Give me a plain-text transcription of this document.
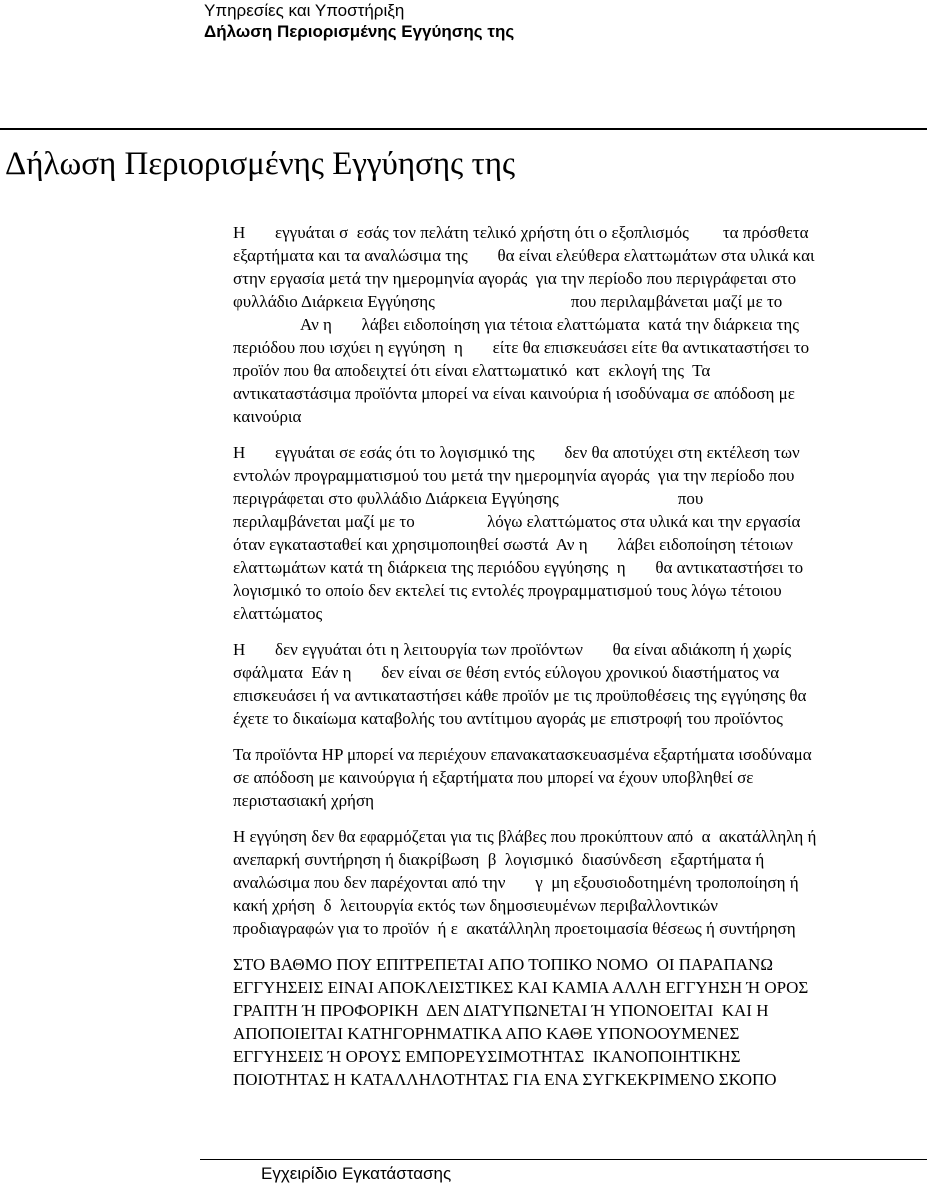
Υπηρεσίες και Υποστήριξη
Δήλωση Περιορισμένης Εγγύησης της
Δήλωση Περιορισμένης Εγγύησης της
Η       εγγυάται σ  εσάς τον πελάτη τελικό χρήστη ότι ο εξοπλισμός        τα πρόσθετα
εξαρτήματα και τα αναλώσιμα της       θα είναι ελεύθερα ελαττωμάτων στα υλικά και
στην εργασία μετά την ημερομηνία αγοράς  για την περίοδο που περιγράφεται στο
φυλλάδιο Διάρκεια Εγγύησης                                που περιλαμβάνεται μαζί με το
Αν η       λάβει ειδοποίηση για τέτοια ελαττώματα  κατά την διάρκεια της
περιόδου που ισχύει η εγγύηση  η       είτε θα επισκευάσει είτε θα αντικαταστήσει το
προϊόν που θα αποδειχτεί ότι είναι ελαττωματικό  κατ  εκλογή της  Τα
αντικαταστάσιμα προϊόντα μπορεί να είναι καινούρια ή ισοδύναμα σε απόδοση με
καινούρια
Η       εγγυάται σε εσάς ότι το λογισμικό της       δεν θα αποτύχει στη εκτέλεση των
εντολών προγραμματισμού του μετά την ημερομηνία αγοράς  για την περίοδο που
περιγράφεται στο φυλλάδιο Διάρκεια Εγγύησης                            που
περιλαμβάνεται μαζί με το                 λόγω ελαττώματος στα υλικά και την εργασία
όταν εγκατασταθεί και χρησιμοποιηθεί σωστά  Αν η       λάβει ειδοποίηση τέτοιων
ελαττωμάτων κατά τη διάρκεια της περιόδου εγγύησης  η       θα αντικαταστήσει το
λογισμικό το οποίο δεν εκτελεί τις εντολές προγραμματισμού τους λόγω τέτοιου
ελαττώματος
Η       δεν εγγυάται ότι η λειτουργία των προϊόντων       θα είναι αδιάκοπη ή χωρίς
σφάλματα  Εάν η       δεν είναι σε θέση εντός εύλογου χρονικού διαστήματος να
επισκευάσει ή να αντικαταστήσει κάθε προϊόν με τις προϋποθέσεις της εγγύησης θα
έχετε το δικαίωμα καταβολής του αντίτιμου αγοράς με επιστροφή του προϊόντος
Τα προϊόντα HP μπορεί να περιέχουν επανακατασκευασμένα εξαρτήματα ισοδύναμα
σε απόδοση με καινούργια ή εξαρτήματα που μπορεί να έχουν υποβληθεί σε
περιστασιακή χρήση
Η εγγύηση δεν θα εφαρμόζεται για τις βλάβες που προκύπτουν από  α  ακατάλληλη ή
ανεπαρκή συντήρηση ή διακρίβωση  β  λογισμικό  διασύνδεση  εξαρτήματα ή
αναλώσιμα που δεν παρέχονται από την       γ  μη εξουσιοδοτημένη τροποποίηση ή
κακή χρήση  δ  λειτουργία εκτός των δημοσιευμένων περιβαλλοντικών
προδιαγραφών για το προϊόν  ή ε  ακατάλληλη προετοιμασία θέσεως ή συντήρηση
ΣΤΟ ΒΑΘΜΟ ΠΟΥ ΕΠΙΤΡΕΠΕΤΑΙ ΑΠΟ ΤΟΠΙΚΟ ΝΟΜΟ  ΟΙ ΠΑΡΑΠΑΝΩ
ΕΓΓΥΗΣΕΙΣ ΕΙΝΑΙ ΑΠΟΚΛΕΙΣΤΙΚΕΣ ΚΑΙ ΚΑΜΙΑ ΑΛΛΗ ΕΓΓΥΗΣΗ Ή ΟΡΟΣ
ΓΡΑΠΤΗ Ή ΠΡΟΦΟΡΙΚΗ  ΔΕΝ ΔΙΑΤΥΠΩΝΕΤΑΙ Ή ΥΠΟΝΟΕΙΤΑΙ  ΚΑΙ Η
ΑΠΟΠΟΙΕΙΤΑΙ ΚΑΤΗΓΟΡΗΜΑΤΙΚΑ ΑΠΟ ΚΑΘΕ ΥΠΟΝΟΟΥΜΕΝΕΣ
ΕΓΓΥΗΣΕΙΣ Ή ΟΡΟΥΣ ΕΜΠΟΡΕΥΣΙΜΟΤΗΤΑΣ  ΙΚΑΝΟΠΟΙΗΤΙΚΗΣ
ΠΟΙΟΤΗΤΑΣ Η ΚΑΤΑΛΛΗΛΟΤΗΤΑΣ ΓΙΑ ΕΝΑ ΣΥΓΚΕΚΡΙΜΕΝΟ ΣΚΟΠΟ
Εγχειρίδιο Εγκατάστασης
